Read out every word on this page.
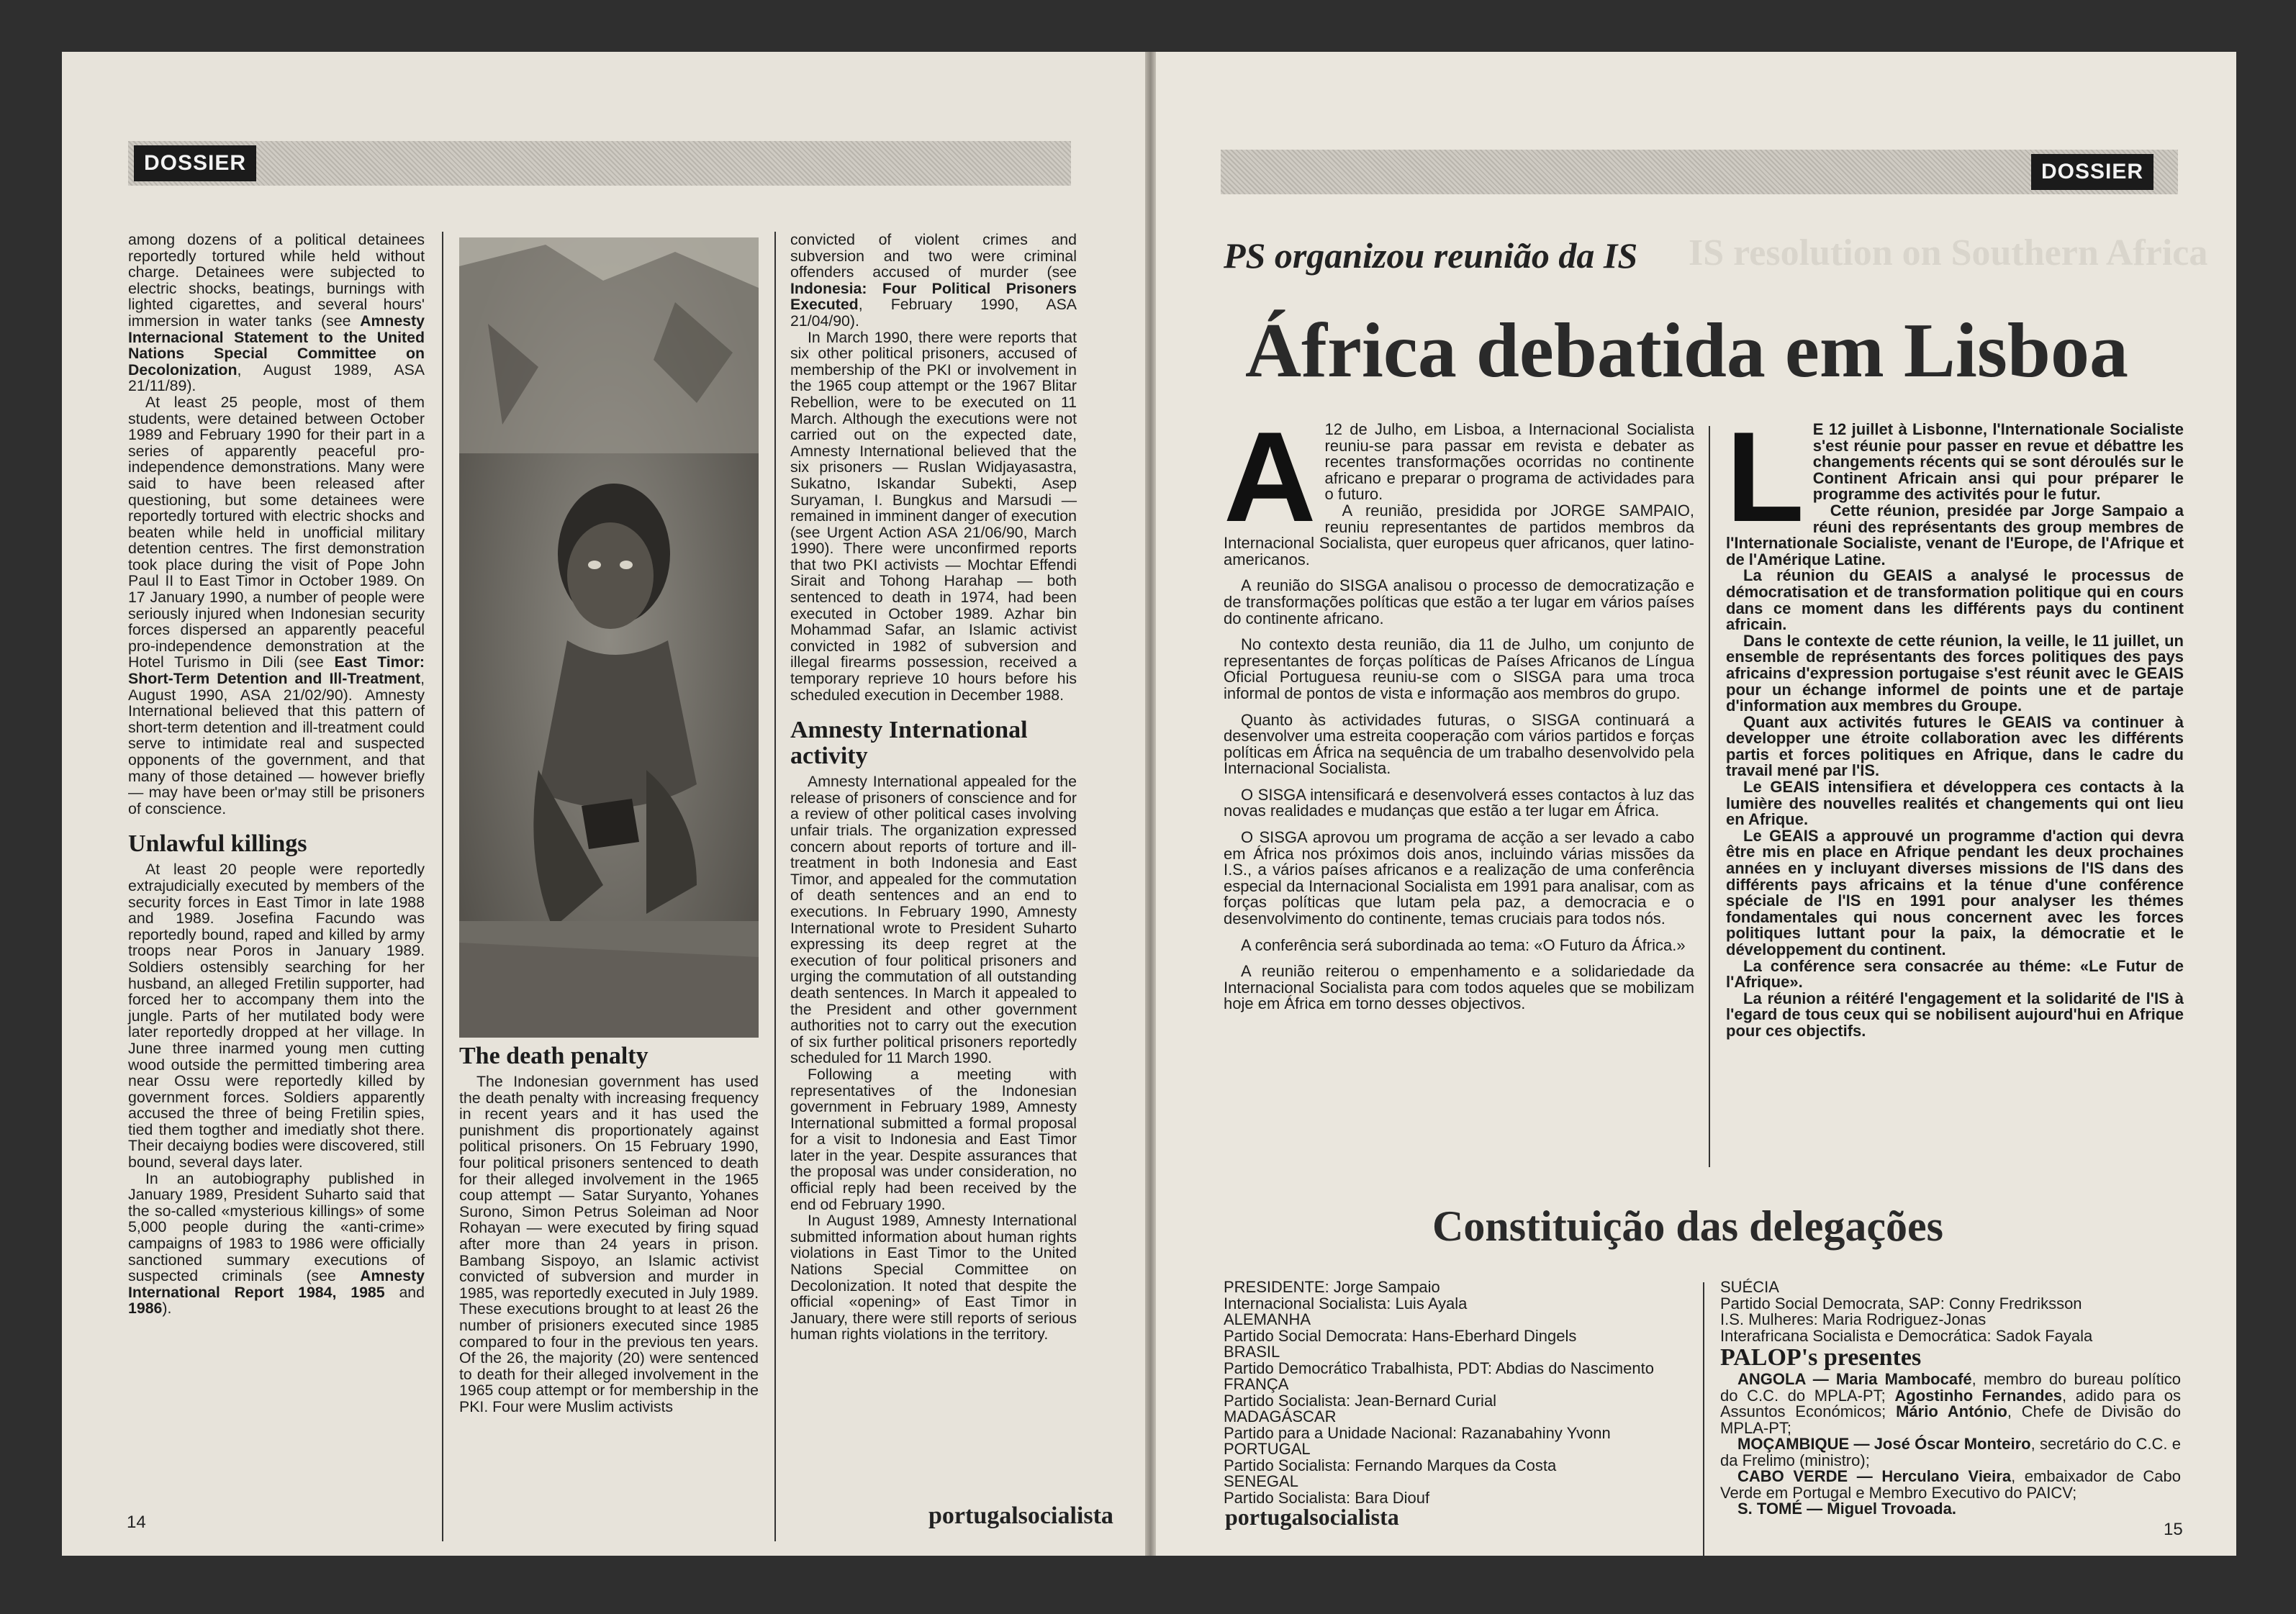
DOSSIER

among dozens of a political detainees reportedly tortured while held without charge. Detainees were subjected to electric shocks, beatings, burnings with lighted cigarettes, and several hours' immersion in water tanks (see Amnesty Internacional Statement to the United Nations Special Committee on Decolonization, August 1989, ASA 21/11/89).

At least 25 people, most of them students, were detained between October 1989 and February 1990 for their part in a series of apparently peaceful pro-independence demonstrations. Many were said to have been released after questioning, but some detainees were reportedly tortured with electric shocks and beaten while held in unofficial military detention centres. The first demonstration took place during the visit of Pope John Paul II to East Timor in October 1989. On 17 January 1990, a number of people were seriously injured when Indonesian security forces dispersed an apparently peaceful pro-independence demonstration at the Hotel Turismo in Dili (see East Timor: Short-Term Detention and Ill-Treatment, August 1990, ASA 21/02/90). Amnesty International believed that this pattern of short-term detention and ill-treatment could serve to intimidate real and suspected opponents of the government, and that many of those detained — however briefly — may have been or'may still be prisoners of conscience.

Unlawful killings

At least 20 people were reportedly extrajudicially executed by members of the security forces in East Timor in late 1988 and 1989. Josefina Facundo was reportedly bound, raped and killed by army troops near Poros in January 1989. Soldiers ostensibly searching for her husband, an alleged Fretilin supporter, had forced her to accompany them into the jungle. Parts of her mutilated body were later reportedly dropped at her village. In June three inarmed young men cutting wood outside the permitted timbering area near Ossu were reportedly killed by government forces. Soldiers apparently accused the three of being Fretilin spies, tied them togther and imediatly shot there. Their decaiyng bodies were discovered, still bound, several days later.

In an autobiography published in January 1989, President Suharto said that the so-called «mysterious killings» of some 5,000 people during the «anti-crime» campaigns of 1983 to 1986 were officially sanctioned summary executions of suspected criminals (see Amnesty International Report 1984, 1985 and 1986).

The death penalty

The Indonesian government has used the death penalty with increasing frequency in recent years and it has used the punishment dis proportionately against political prisoners. On 15 February 1990, four political prisoners sentenced to death for their alleged involvement in the 1965 coup attempt — Satar Suryanto, Yohanes Surono, Simon Petrus Soleiman ad Noor Rohayan — were executed by firing squad after more than 24 years in prison. Bambang Sispoyo, an Islamic activist convicted of subversion and murder in 1985, was reportedly executed in July 1989. These executions brought to at least 26 the number of prisioners executed since 1985 compared to four in the previous ten years. Of the 26, the majority (20) were sentenced to death for their alleged involvement in the 1965 coup attempt or for membership in the PKI. Four were Muslim activists

convicted of violent crimes and subversion and two were criminal offenders accused of murder (see Indonesia: Four Political Prisoners Executed, February 1990, ASA 21/04/90).

In March 1990, there were reports that six other political prisoners, accused of membership of the PKI or involvement in the 1965 coup attempt or the 1967 Blitar Rebellion, were to be executed on 11 March. Although the executions were not carried out on the expected date, Amnesty International believed that the six prisoners — Ruslan Widjayasastra, Sukatno, Iskandar Subekti, Asep Suryaman, I. Bungkus and Marsudi — remained in imminent danger of execution (see Urgent Action ASA 21/06/90, March 1990). There were unconfirmed reports that two PKI activists — Mochtar Effendi Sirait and Tohong Harahap — both sentenced to death in 1974, had been executed in October 1989. Azhar bin Mohammad Safar, an Islamic activist convicted in 1982 of subversion and illegal firearms possession, received a temporary reprieve 10 hours before his scheduled execution in December 1988.

Amnesty International activity

Amnesty International appealed for the release of prisoners of conscience and for a review of other political cases involving unfair trials. The organization expressed concern about reports of torture and ill-treatment in both Indonesia and East Timor, and appealed for the commutation of death sentences and an end to executions. In February 1990, Amnesty International wrote to President Suharto expressing its deep regret at the execution of four political prisoners and urging the commutation of all outstanding death sentences. In March it appealed to the President and other government authorities not to carry out the execution of six further political prisoners reportedly scheduled for 11 March 1990.

Following a meeting with representatives of the Indonesian government in February 1989, Amnesty International submitted a formal proposal for a visit to Indonesia and East Timor later in the year. Despite assurances that the proposal was under consideration, no official reply had been received by the end od February 1990.

In August 1989, Amnesty International submitted information about human rights violations in East Timor to the United Nations Special Committee on Decolonization. It noted that despite the official «opening» of East Timor in January, there were still reports of serious human rights violations in the territory.

14	portugalsocialista
DOSSIER
IS resolution on Southern Africa
PS organizou reunião da IS
África debatida em Lisboa
A 12 de Julho, em Lisboa, a Internacional Socialista reuniu-se para passar em revista e debater as recentes transformações ocorridas no continente africano e preparar o programa de actividades para o futuro.

A reunião, presidida por JORGE SAMPAIO, reuniu representantes de partidos membros da Internacional Socialista, quer europeus quer africanos, quer latino-americanos.

A reunião do SISGA analisou o processo de democratização e de transformações políticas que estão a ter lugar em vários países do continente africano.

No contexto desta reunião, dia 11 de Julho, um conjunto de representantes de forças políticas de Países Africanos de Língua Oficial Portuguesa reuniu-se com o SISGA para uma troca informal de pontos de vista e informação aos membros do grupo.

Quanto às actividades futuras, o SISGA continuará a desenvolver uma estreita cooperação com vários partidos e forças políticas em África na sequência de um trabalho desenvolvido pela Internacional Socialista.

O SISGA intensificará e desenvolverá esses contactos à luz das novas realidades e mudanças que estão a ter lugar em África.

O SISGA aprovou um programa de acção a ser levado a cabo em África nos próximos dois anos, incluindo várias missões da I.S., a vários países africanos e a realização de uma conferência especial da Internacional Socialista em 1991 para analisar, com as forças políticas que lutam pela paz, a democracia e o desenvolvimento do continente, temas cruciais para todos nós.

A conferência será subordinada ao tema: «O Futuro da África.»

A reunião reiterou o empenhamento e a solidariedade da Internacional Socialista para com todos aqueles que se mobilizam hoje em África em torno desses objectivos.

L E 12 juillet à Lisbonne, l'Internationale Socialiste s'est réunie pour passer en revue et débattre les changements récents qui se sont déroulés sur le Continent Africain ansi qui pour préparer le programme des activités pour le futur.

Cette réunion, presidée par Jorge Sampaio a réuni des représentants des group membres de l'Internationale Socialiste, venant de l'Europe, de l'Afrique et de l'Amérique Latine.

La réunion du GEAIS a analysé le processus de démocratisation et de transformation politique qui en cours dans ce moment dans les différents pays du continent africain.

Dans le contexte de cette réunion, la veille, le 11 juillet, un ensemble de représentants des forces politiques des pays africains d'expression portugaise s'est réunit avec le GEAIS pour un échange informel de points une et de partaje d'information aux membres du Groupe.

Quant aux activités futures le GEAIS va continuer à developper une étroite collaboration avec les différents partis et forces politiques en Afrique, dans le cadre du travail mené par l'IS.

Le GEAIS intensifiera et développera ces contacts à la lumière des nouvelles realités et changements qui ont lieu en Afrique.

Le GEAIS a approuvé un programme d'action qui devra être mis en place en Afrique pendant les deux prochaines années en y incluyant diverses missions de l'IS dans des différents pays africains et la ténue d'une conférence spéciale de l'IS en 1991 pour analyser les thémes fondamentales qui nous concernent avec les forces politiques luttant pour la paix, la démocratie et le développement du continent.

La conférence sera consacrée au théme: «Le Futur de l'Afrique».

La réunion a réitéré l'engagement et la solidarité de l'IS à l'egard de tous ceux qui se nobilisent aujourd'hui en Afrique pour ces objectifs.

Constituição das delegações
PRESIDENTE: Jorge Sampaio
Internacional Socialista: Luis Ayala
ALEMANHA
Partido Social Democrata: Hans-Eberhard Dingels
BRASIL
Partido Democrático Trabalhista, PDT: Abdias do Nascimento
FRANÇA
Partido Socialista: Jean-Bernard Curial
MADAGÁSCAR
Partido para a Unidade Nacional: Razanabahiny Yvonn
PORTUGAL
Partido Socialista: Fernando Marques da Costa
SENEGAL
Partido Socialista: Bara Diouf
SUÉCIA
Partido Social Democrata, SAP: Conny Fredriksson
I.S. Mulheres: Maria Rodriguez-Jonas
Interafricana Socialista e Democrática: Sadok Fayala
PALOP's presentes

ANGOLA — Maria Mambocafé, membro do bureau político do C.C. do MPLA-PT; Agostinho Fernandes, adido para os Assuntos Económicos; Mário António, Chefe de Divisão do MPLA-PT;

MOÇAMBIQUE — José Óscar Monteiro, secretário do C.C. e da Frelimo (ministro);

CABO VERDE — Herculano Vieira, embaixador de Cabo Verde em Portugal e Membro Executivo do PAICV;

S. TOMÉ — Miguel Trovoada.

portugalsocialista	15
